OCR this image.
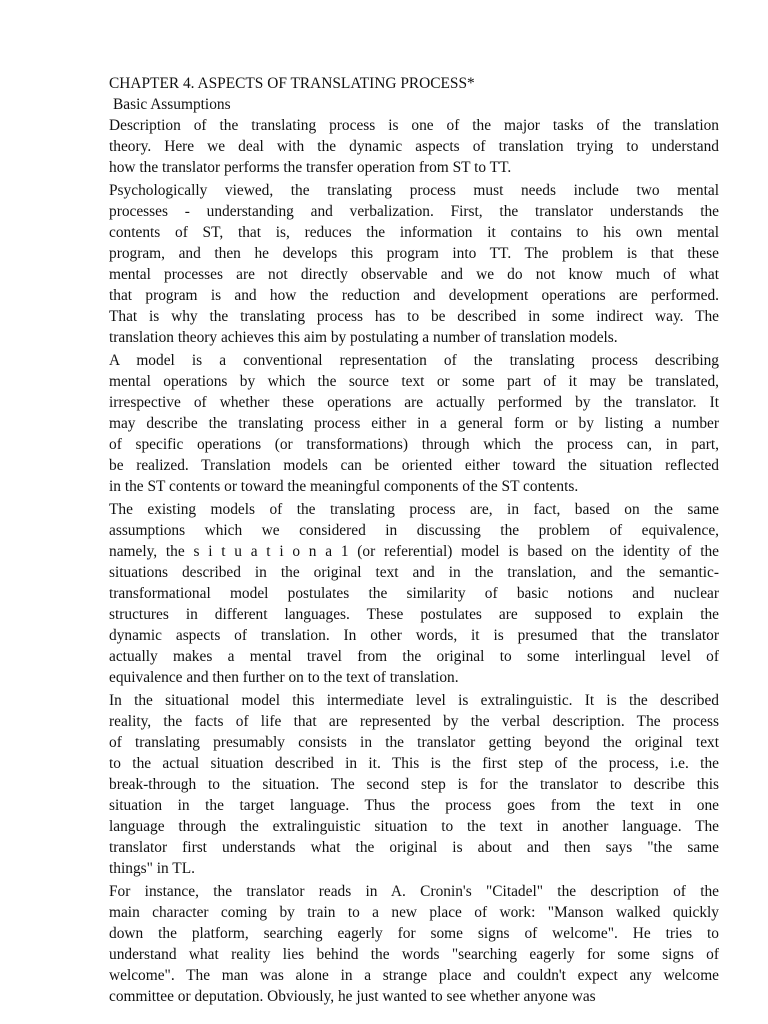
CHAPTER 4. ASPECTS OF TRANSLATING PROCESS*
Basic Assumptions
Description of the translating process is one of the major tasks of the translation
theory. Here we deal with the dynamic aspects of translation trying to understand
how the translator performs the transfer operation from ST to TT.
Psychologically viewed, the translating process must needs include two mental
processes - understanding and verbalization. First, the translator understands the
contents of ST, that is, reduces the information it contains to his own mental
program, and then he develops this program into TT. The problem is that these
mental processes are not directly observable and we do not know much of what
that program is and how the reduction and development operations are performed.
That is why the translating process has to be described in some indirect way. The
translation theory achieves this aim by postulating a number of translation models.
A model is a conventional representation of the translating process describing
mental operations by which the source text or some part of it may be translated,
irrespective of whether these operations are actually performed by the translator. It
may describe the translating process either in a general form or by listing a number
of specific operations (or transformations) through which the process can, in part,
be realized. Translation models can be oriented either toward the situation reflected
in the ST contents or toward the meaningful components of the ST contents.
The existing models of the translating process are, in fact, based on the same
assumptions which we considered in discussing the problem of equivalence,
namely, the s i t u a t i o n a 1 (or referential) model is based on the identity of the
situations described in the original text and in the translation, and the semantic-
transformational model postulates the similarity of basic notions and nuclear
structures in different languages. These postulates are supposed to explain the
dynamic aspects of translation. In other words, it is presumed that the translator
actually makes a mental travel from the original to some interlingual level of
equivalence and then further on to the text of translation.
In the situational model this intermediate level is extralinguistic. It is the described
reality, the facts of life that are represented by the verbal description. The process
of translating presumably consists in the translator getting beyond the original text
to the actual situation described in it. This is the first step of the process, i.e. the
break-through to the situation. The second step is for the translator to describe this
situation in the target language. Thus the process goes from the text in one
language through the extralinguistic situation to the text in another language. The
translator first understands what the original is about and then says "the same
things" in TL.
For instance, the translator reads in A. Cronin's "Citadel" the description of the
main character coming by train to a new place of work: "Manson walked quickly
down the platform, searching eagerly for some signs of welcome". He tries to
understand what reality lies behind the words "searching eagerly for some signs of
welcome". The man was alone in a strange place and couldn't expect any welcome
committee or deputation. Obviously, he just wanted to see whether anyone was
